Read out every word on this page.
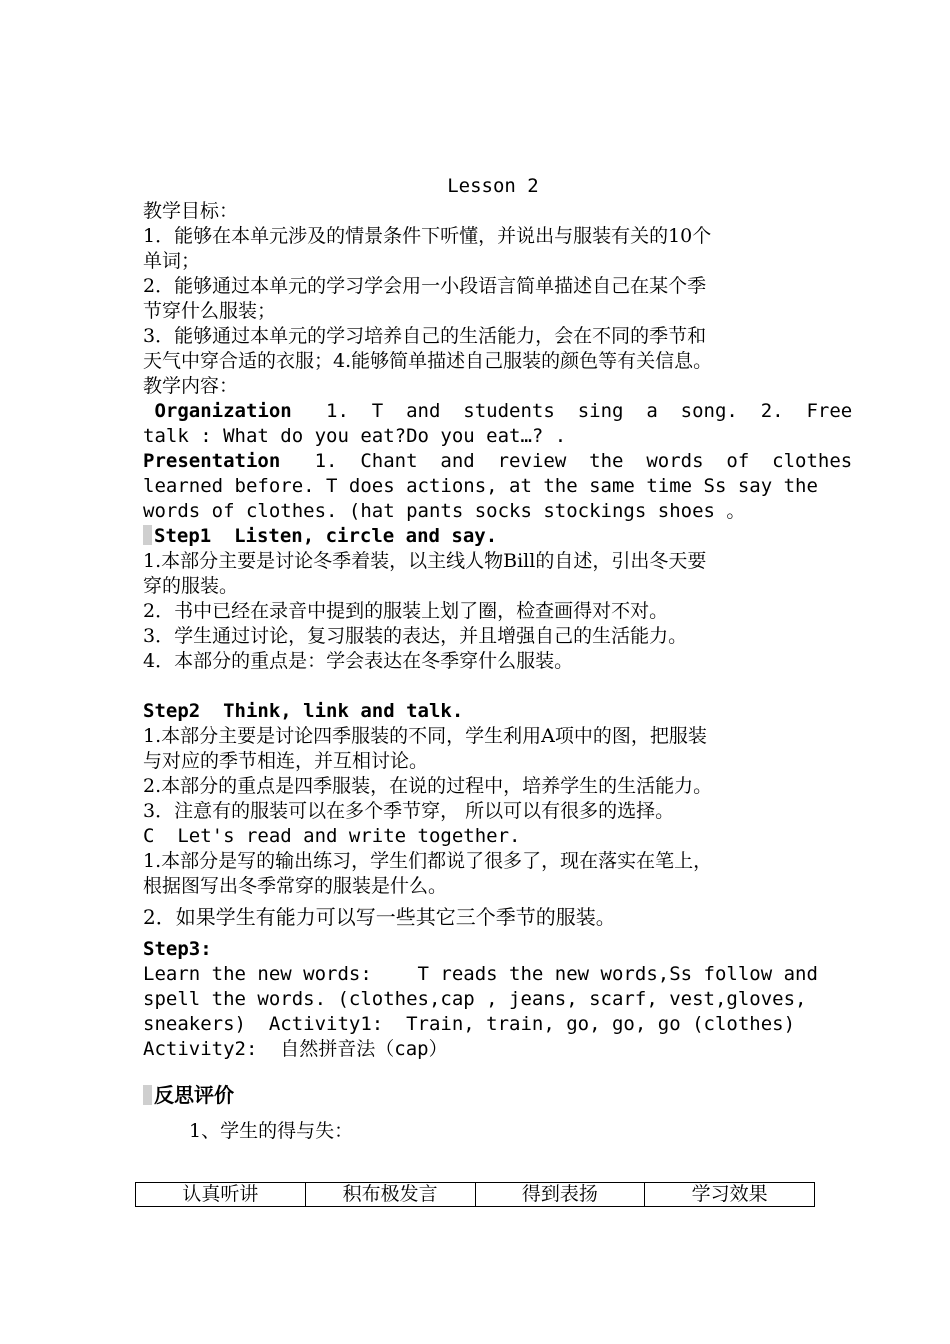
Lesson 2
教学目标：
1．能够在本单元涉及的情景条件下听懂，并说出与服装有关的10个
单词；
2．能够通过本单元的学习学会用一小段语言简单描述自己在某个季
节穿什么服装；
3．能够通过本单元的学习培养自己的生活能力，会在不同的季节和
天气中穿合适的衣服；4.能够简单描述自己服装的颜色等有关信息。
教学内容：
Organization   1.  T  and  students  sing  a  song.  2.  Free
talk : What do you eat?Do you eat…? .
Presentation   1.  Chant  and  review  the  words  of  clothes
learned before. T does actions, at the same time Ss say the
words of clothes. (hat pants socks stockings shoes 。
Step1  Listen, circle and say.
1.本部分主要是讨论冬季着装，以主线人物Bill的自述，引出冬天要
穿的服装。
2．书中已经在录音中提到的服装上划了圈，检查画得对不对。
3．学生通过讨论，复习服装的表达，并且增强自己的生活能力。
4．本部分的重点是：学会表达在冬季穿什么服装。
Step2  Think, link and talk.
1.本部分主要是讨论四季服装的不同，学生利用A项中的图，把服装
与对应的季节相连，并互相讨论。
2.本部分的重点是四季服装，在说的过程中，培养学生的生活能力。
3．注意有的服装可以在多个季节穿， 所以可以有很多的选择。
C  Let's read and write together.
1.本部分是写的输出练习，学生们都说了很多了，现在落实在笔上，
根据图写出冬季常穿的服装是什么。
2．如果学生有能力可以写一些其它三个季节的服装。
Step3:
Learn the new words:    T reads the new words,Ss follow and
spell the words. (clothes,cap , jeans, scarf, vest,gloves,
sneakers)  Activity1:  Train, train, go, go, go (clothes)
Activity2:  自然拼音法（cap）
反思评价
1、学生的得与失：
认真听讲	积布极发言	得到表扬	学习效果
